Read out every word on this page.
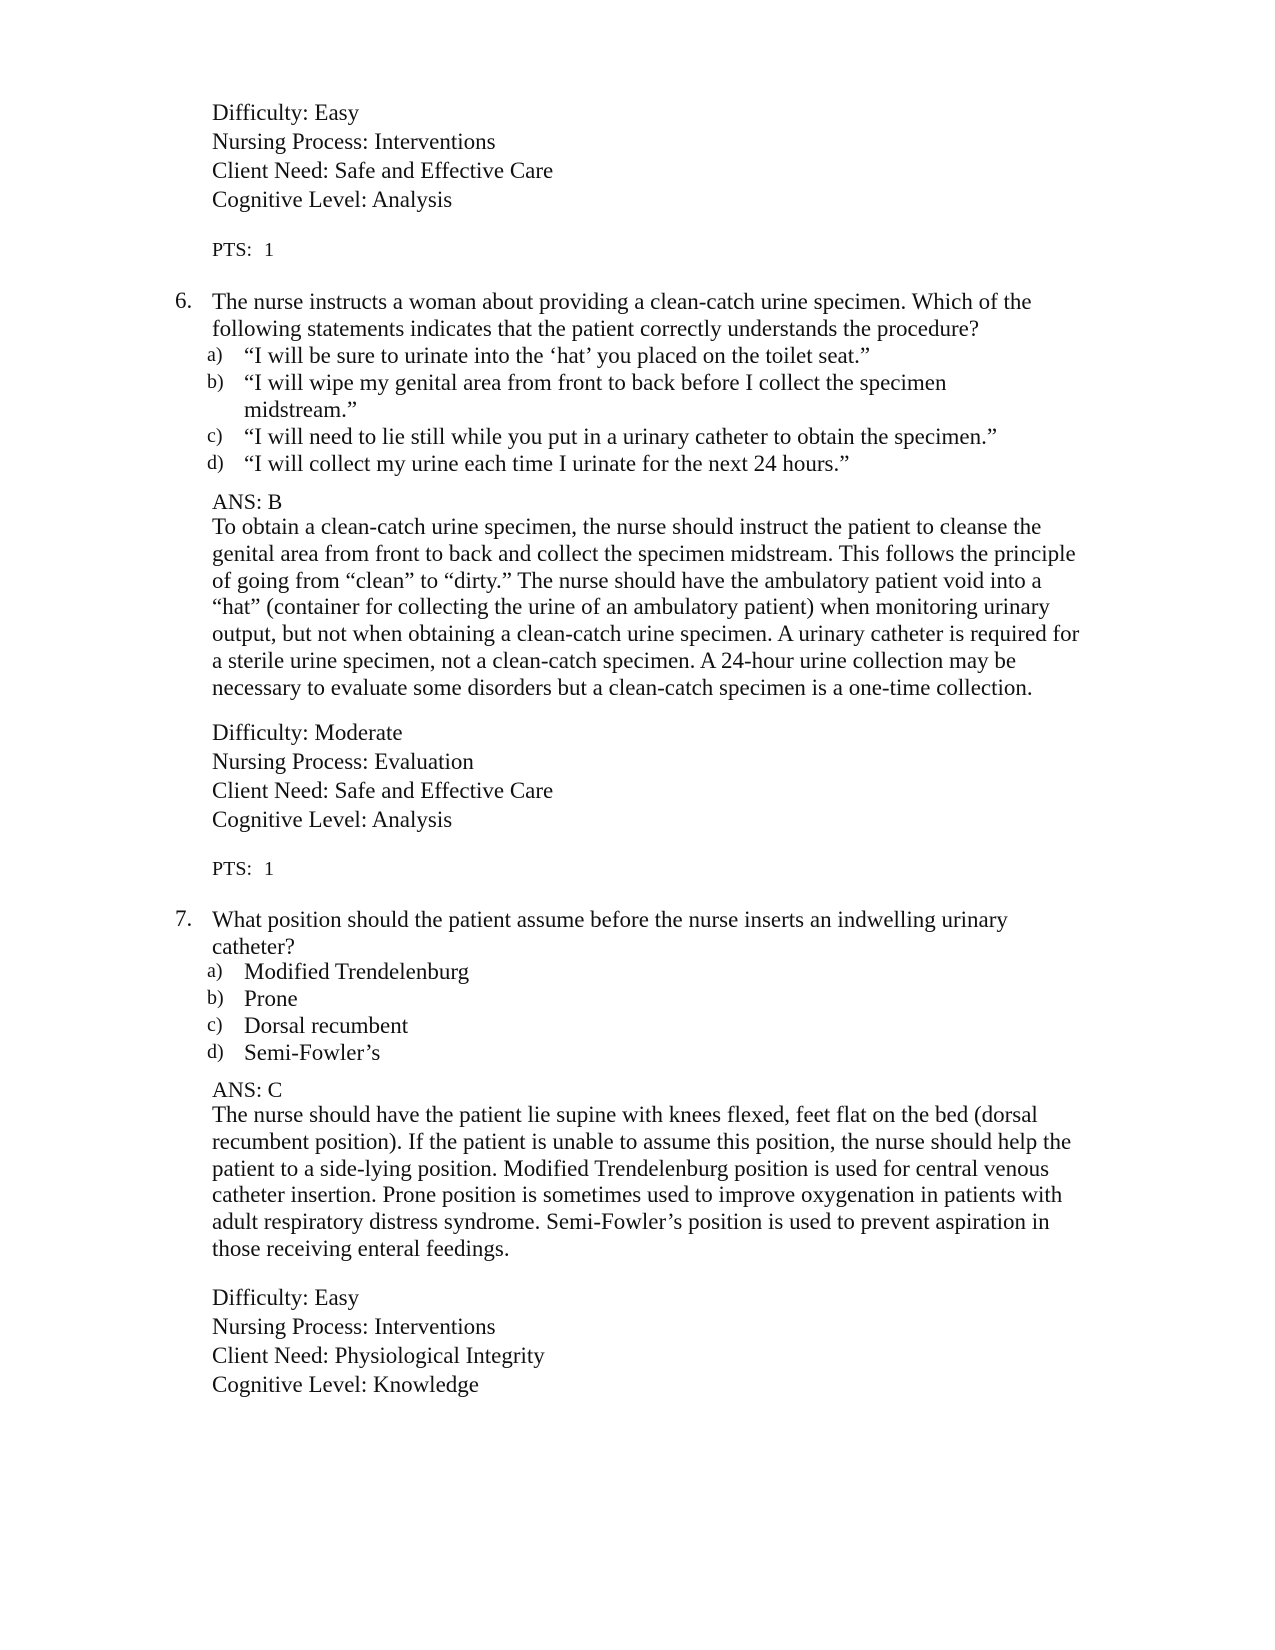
Difficulty: Easy
Nursing Process: Interventions
Client Need: Safe and Effective Care
Cognitive Level: Analysis
PTS: 1
6. The nurse instructs a woman about providing a clean-catch urine specimen. Which of the
following statements indicates that the patient correctly understands the procedure?
a) “I will be sure to urinate into the ‘hat’ you placed on the toilet seat.”
b) “I will wipe my genital area from front to back before I collect the specimen
midstream.”
c) “I will need to lie still while you put in a urinary catheter to obtain the specimen.”
d) “I will collect my urine each time I urinate for the next 24 hours.”
ANS: B
To obtain a clean-catch urine specimen, the nurse should instruct the patient to cleanse the
genital area from front to back and collect the specimen midstream. This follows the principle
of going from “clean” to “dirty.” The nurse should have the ambulatory patient void into a
“hat” (container for collecting the urine of an ambulatory patient) when monitoring urinary
output, but not when obtaining a clean-catch urine specimen. A urinary catheter is required for
a sterile urine specimen, not a clean-catch specimen. A 24-hour urine collection may be
necessary to evaluate some disorders but a clean-catch specimen is a one-time collection.
Difficulty: Moderate
Nursing Process: Evaluation
Client Need: Safe and Effective Care
Cognitive Level: Analysis
PTS: 1
7. What position should the patient assume before the nurse inserts an indwelling urinary
catheter?
a) Modified Trendelenburg
b) Prone
c) Dorsal recumbent
d) Semi-Fowler’s
ANS: C
The nurse should have the patient lie supine with knees flexed, feet flat on the bed (dorsal
recumbent position). If the patient is unable to assume this position, the nurse should help the
patient to a side-lying position. Modified Trendelenburg position is used for central venous
catheter insertion. Prone position is sometimes used to improve oxygenation in patients with
adult respiratory distress syndrome. Semi-Fowler’s position is used to prevent aspiration in
those receiving enteral feedings.
Difficulty: Easy
Nursing Process: Interventions
Client Need: Physiological Integrity
Cognitive Level: Knowledge
